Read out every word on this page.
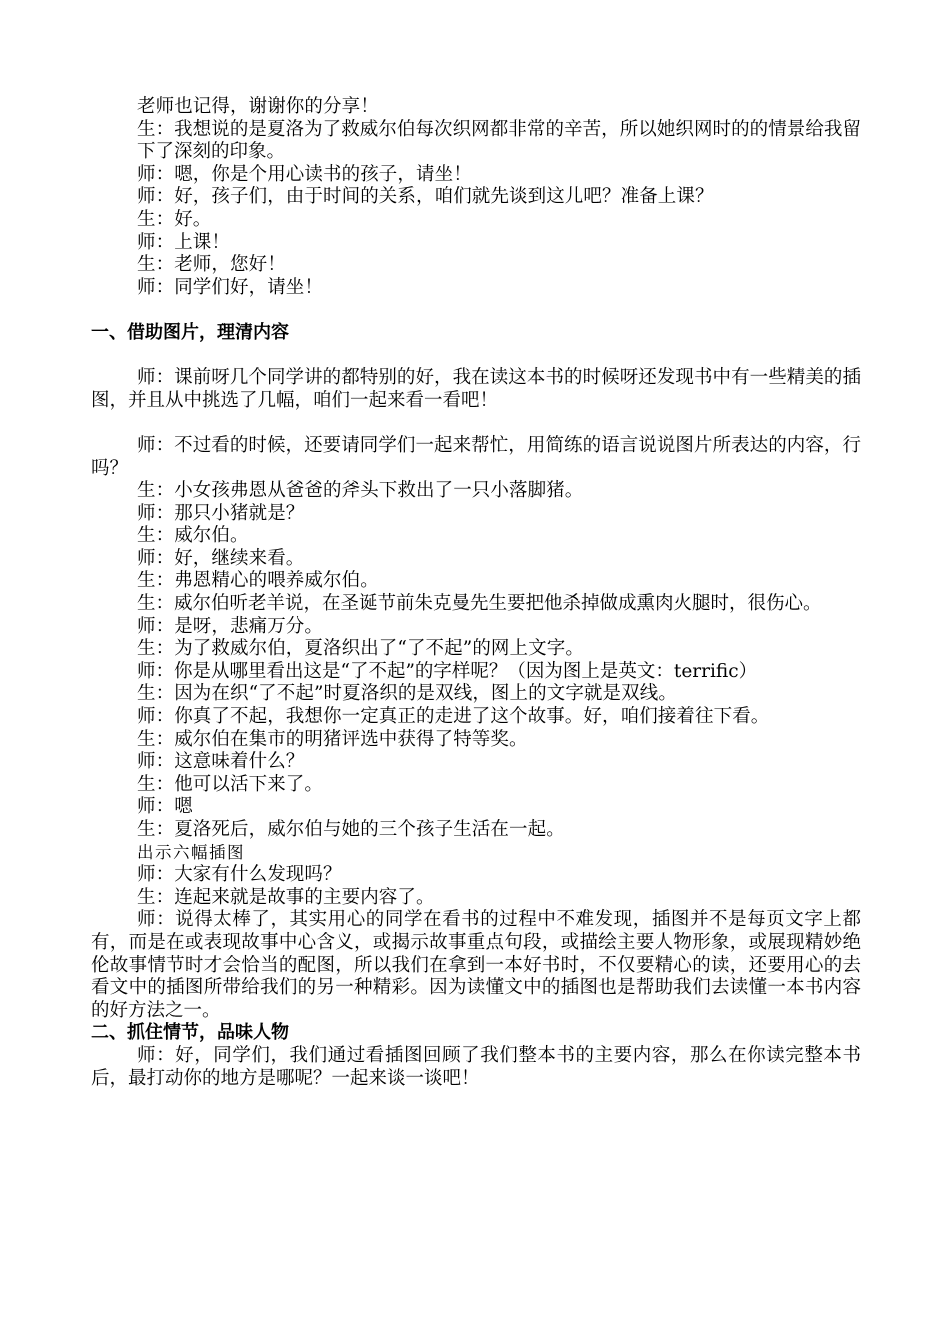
老师也记得，谢谢你的分享！

生：我想说的是夏洛为了救威尔伯每次织网都非常的辛苦，所以她织网时的的情景给我留下了深刻的印象。

师：嗯，你是个用心读书的孩子，请坐！
师：好，孩子们，由于时间的关系，咱们就先谈到这儿吧？准备上课？
生：好。
师：上课！
生：老师，您好！
师：同学们好，请坐！
一、借助图片，理清内容

师：课前呀几个同学讲的都特别的好，我在读这本书的时候呀还发现书中有一些精美的插图，并且从中挑选了几幅，咱们一起来看一看吧！

师：不过看的时候，还要请同学们一起来帮忙，用简练的语言说说图片所表达的内容，行吗？

生：小女孩弗恩从爸爸的斧头下救出了一只小落脚猪。
师：那只小猪就是？
生：威尔伯。
师：好，继续来看。
生：弗恩精心的喂养威尔伯。

生：威尔伯听老羊说，在圣诞节前朱克曼先生要把他杀掉做成熏肉火腿时，很伤心。

师：是呀，悲痛万分。
生：为了救威尔伯，夏洛织出了“了不起”的网上文字。

师：你是从哪里看出这是“了不起”的字样呢？（因为图上是英文：terrific）

生：因为在织“了不起”时夏洛织的是双线，图上的文字就是双线。
师：你真了不起，我想你一定真正的走进了这个故事。好，咱们接着往下看。
生：威尔伯在集市的明猪评选中获得了特等奖。
师：这意味着什么？
生：他可以活下来了。
师：嗯
生：夏洛死后，威尔伯与她的三个孩子生活在一起。
出示六幅插图
师：大家有什么发现吗？
生：连起来就是故事的主要内容了。

师：说得太棒了，其实用心的同学在看书的过程中不难发现，插图并不是每页文字上都有，而是在或表现故事中心含义，或揭示故事重点句段，或描绘主要人物形象，或展现精妙绝伦故事情节时才会恰当的配图，所以我们在拿到一本好书时，不仅要精心的读，还要用心的去看文中的插图所带给我们的另一种精彩。因为读懂文中的插图也是帮助我们去读懂一本书内容的好方法之一。

二、抓住情节，品味人物

师：好，同学们，我们通过看插图回顾了我们整本书的主要内容，那么在你读完整本书后，最打动你的地方是哪呢？一起来谈一谈吧！
